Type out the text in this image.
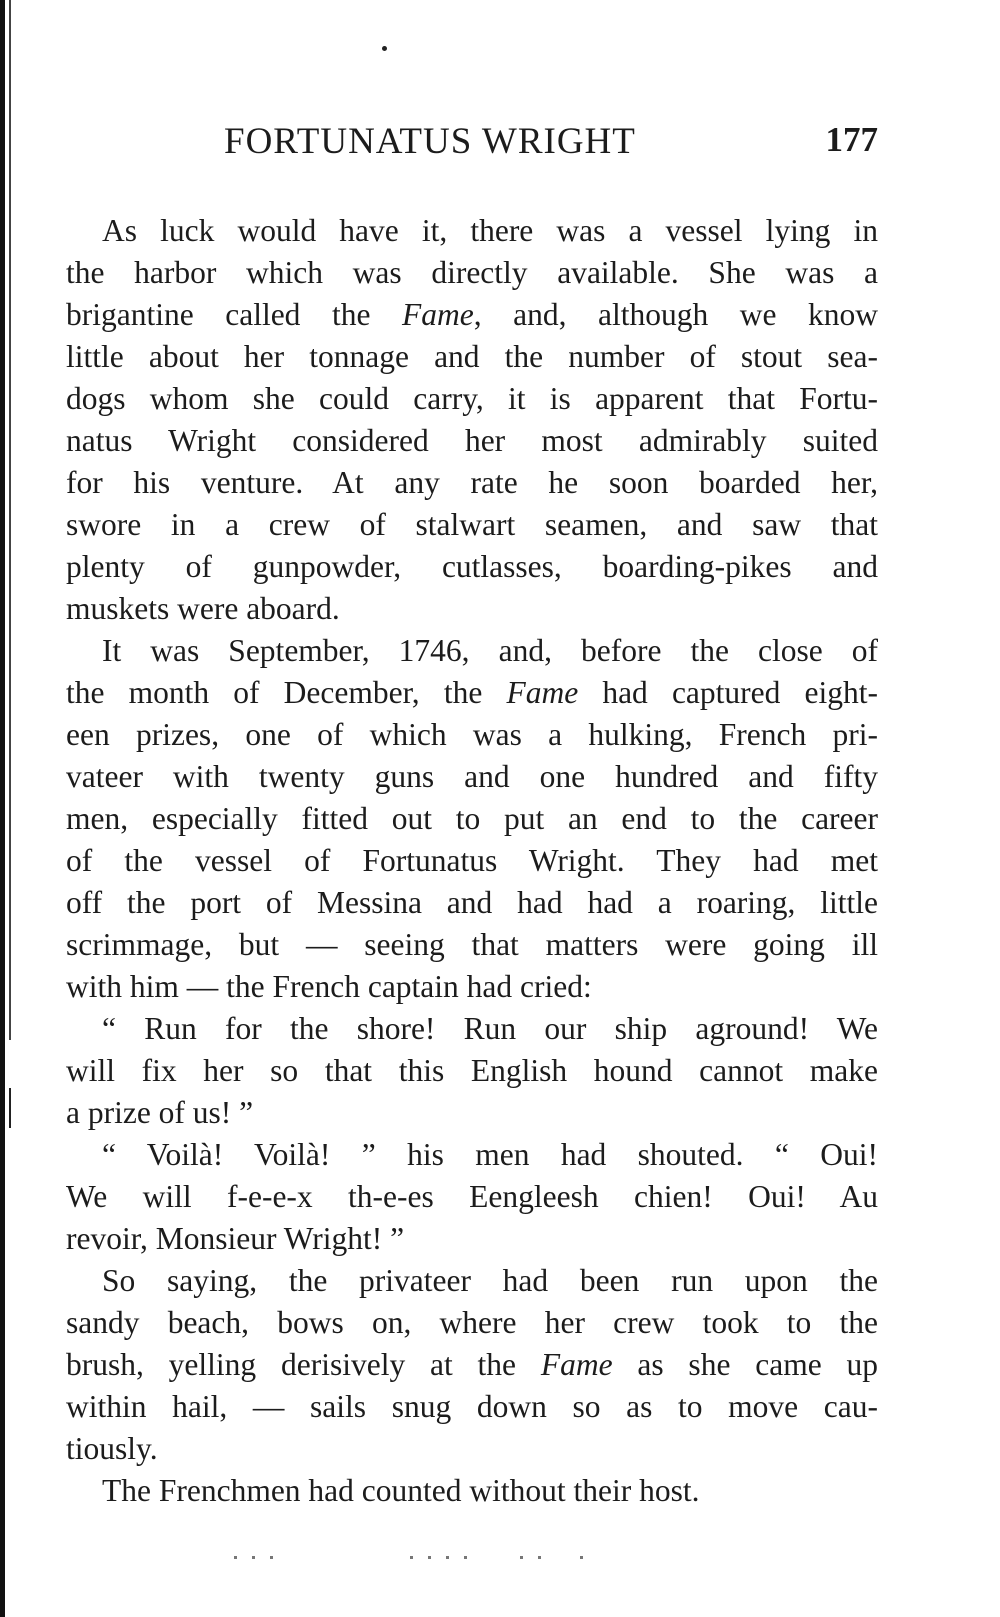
FORTUNATUS WRIGHT	177

As luck would have it, there was a vessel lying in
the harbor which was directly available. She was a
brigantine called the Fame, and, although we know
little about her tonnage and the number of stout sea-
dogs whom she could carry, it is apparent that Fortu-
natus Wright considered her most admirably suited
for his venture. At any rate he soon boarded her,
swore in a crew of stalwart seamen, and saw that
plenty of gunpowder, cutlasses, boarding-pikes and
muskets were aboard.

It was September, 1746, and, before the close of
the month of December, the Fame had captured eight-
een prizes, one of which was a hulking, French pri-
vateer with twenty guns and one hundred and fifty
men, especially fitted out to put an end to the career
of the vessel of Fortunatus Wright. They had met
off the port of Messina and had had a roaring, little
scrimmage, but — seeing that matters were going ill
with him — the French captain had cried:

“ Run for the shore! Run our ship aground! We
will fix her so that this English hound cannot make
a prize of us! ”

“ Voilà! Voilà! ” his men had shouted. “ Oui!
We will f-e-e-x th-e-es Eengleesh chien! Oui! Au
revoir, Monsieur Wright! ”

So saying, the privateer had been run upon the
sandy beach, bows on, where her crew took to the
brush, yelling derisively at the Fame as she came up
within hail, — sails snug down so as to move cau-
tiously.

The Frenchmen had counted without their host.
